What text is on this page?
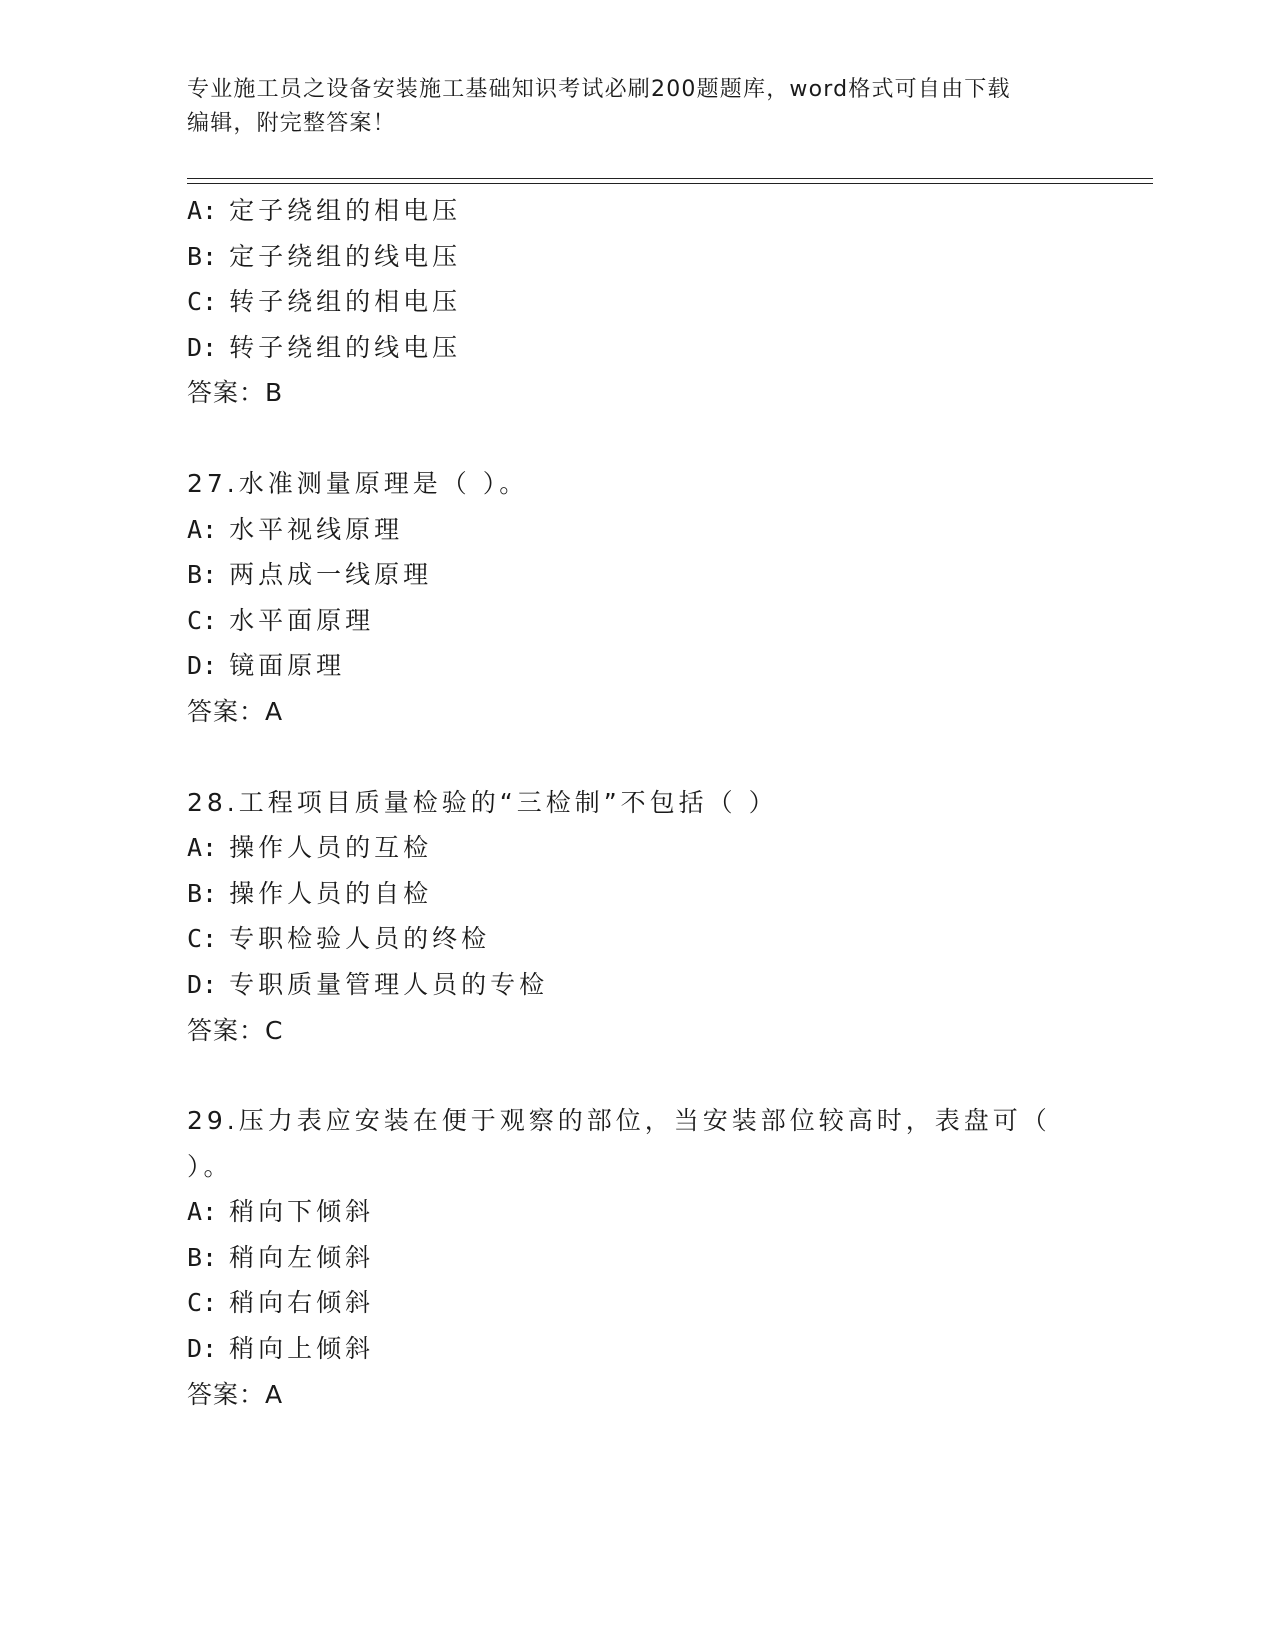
专业施工员之设备安装施工基础知识考试必刷200题题库，word格式可自由下载
编辑，附完整答案！
A: 定子绕组的相电压
B: 定子绕组的线电压
C: 转子绕组的相电压
D: 转子绕组的线电压
答案：B
27.水准测量原理是（ ）。
A: 水平视线原理
B: 两点成一线原理
C: 水平面原理
D: 镜面原理
答案：A
28.工程项目质量检验的“三检制”不包括（ ）
A: 操作人员的互检
B: 操作人员的自检
C: 专职检验人员的终检
D: 专职质量管理人员的专检
答案：C
29.压力表应安装在便于观察的部位，当安装部位较高时，表盘可（
）。
A: 稍向下倾斜
B: 稍向左倾斜
C: 稍向右倾斜
D: 稍向上倾斜
答案：A
